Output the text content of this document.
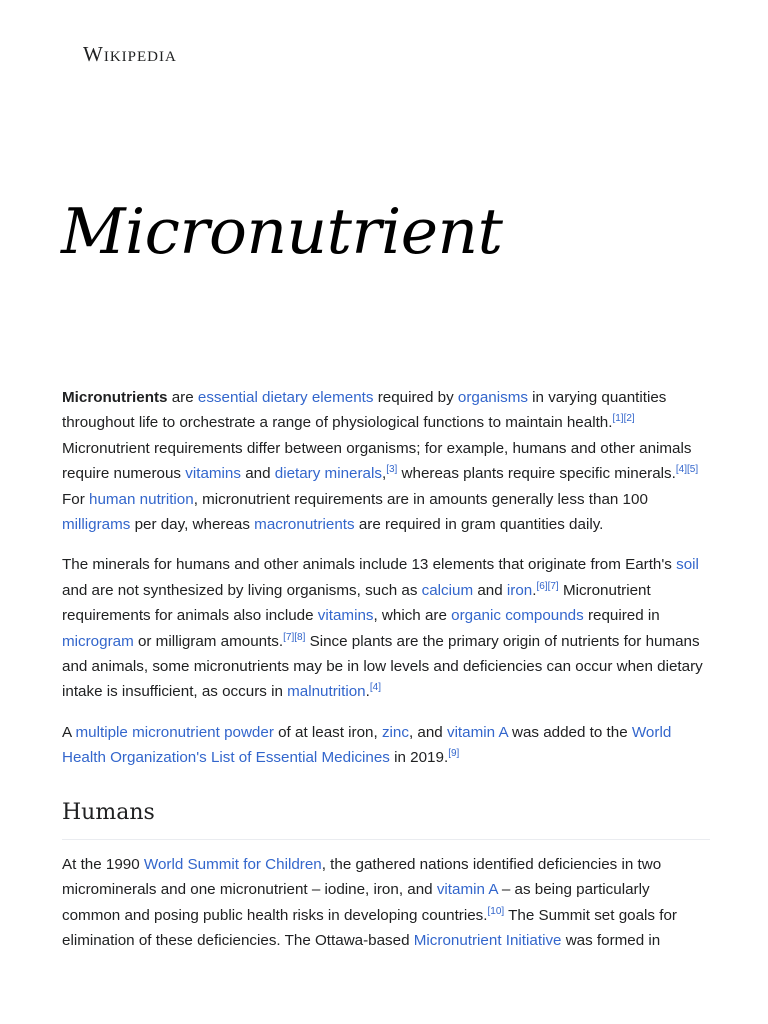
Wikipedia
Micronutrient

Micronutrients are essential dietary elements required by organisms in varying quantities throughout life to orchestrate a range of physiological functions to maintain health.[1][2] Micronutrient requirements differ between organisms; for example, humans and other animals require numerous vitamins and dietary minerals,[3] whereas plants require specific minerals.[4][5] For human nutrition, micronutrient requirements are in amounts generally less than 100 milligrams per day, whereas macronutrients are required in gram quantities daily.

The minerals for humans and other animals include 13 elements that originate from Earth's soil and are not synthesized by living organisms, such as calcium and iron.[6][7] Micronutrient requirements for animals also include vitamins, which are organic compounds required in microgram or milligram amounts.[7][8] Since plants are the primary origin of nutrients for humans and animals, some micronutrients may be in low levels and deficiencies can occur when dietary intake is insufficient, as occurs in malnutrition.[4]

A multiple micronutrient powder of at least iron, zinc, and vitamin A was added to the World Health Organization's List of Essential Medicines in 2019.[9]

Humans

At the 1990 World Summit for Children, the gathered nations identified deficiencies in two microminerals and one micronutrient – iodine, iron, and vitamin A – as being particularly common and posing public health risks in developing countries.[10] The Summit set goals for elimination of these deficiencies. The Ottawa-based Micronutrient Initiative was formed in
